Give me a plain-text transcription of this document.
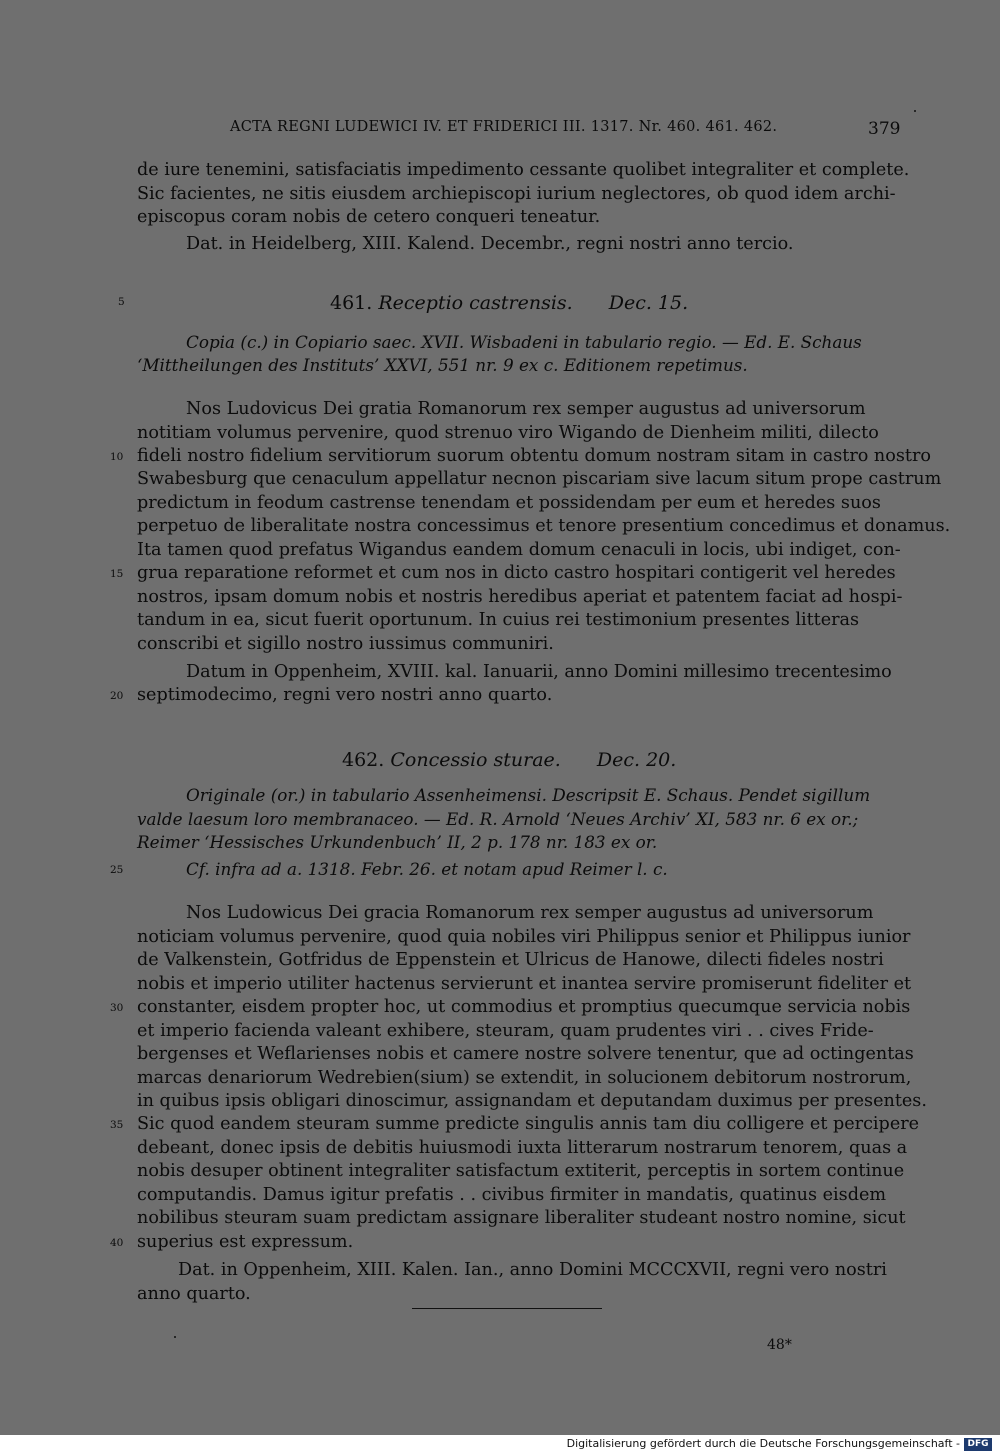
ACTA REGNI LUDEWICI IV. ET FRIDERICI III. 1317. Nr. 460. 461. 462.	379
de iure tenemini, satisfaciatis impedimento cessante quolibet integraliter et complete.
Sic facientes, ne sitis eiusdem archiepiscopi iurium neglectores, ob quod idem archi-
episcopus coram nobis de cetero conqueri teneatur.
Dat. in Heidelberg, XIII. Kalend. Decembr., regni nostri anno tercio.
5	461. Receptio castrensis. Dec. 15.
Copia (c.) in Copiario saec. XVII. Wisbadeni in tabulario regio. — Ed. E. Schaus
‘Mittheilungen des Instituts’ XXVI, 551 nr. 9 ex c. Editionem repetimus.
Nos Ludovicus Dei gratia Romanorum rex semper augustus ad universorum
notitiam volumus pervenire, quod strenuo viro Wigando de Dienheim militi, dilecto
10 fideli nostro fidelium servitiorum suorum obtentu domum nostram sitam in castro nostro
Swabesburg que cenaculum appellatur necnon piscariam sive lacum situm prope castrum
predictum in feodum castrense tenendam et possidendam per eum et heredes suos
perpetuo de liberalitate nostra concessimus et tenore presentium concedimus et donamus.
Ita tamen quod prefatus Wigandus eandem domum cenaculi in locis, ubi indiget, con-
15 grua reparatione reformet et cum nos in dicto castro hospitari contigerit vel heredes
nostros, ipsam domum nobis et nostris heredibus aperiat et patentem faciat ad hospi-
tandum in ea, sicut fuerit oportunum. In cuius rei testimonium presentes litteras
conscribi et sigillo nostro iussimus communiri.
Datum in Oppenheim, XVIII. kal. Ianuarii, anno Domini millesimo trecentesimo
20 septimodecimo, regni vero nostri anno quarto.
462. Concessio sturae. Dec. 20.
Originale (or.) in tabulario Assenheimensi. Descripsit E. Schaus. Pendet sigillum
valde laesum loro membranaceo. — Ed. R. Arnold ‘Neues Archiv’ XI, 583 nr. 6 ex or.;
Reimer ‘Hessisches Urkundenbuch’ II, 2 p. 178 nr. 183 ex or.
25	Cf. infra ad a. 1318. Febr. 26. et notam apud Reimer l. c.
Nos Ludowicus Dei gracia Romanorum rex semper augustus ad universorum
noticiam volumus pervenire, quod quia nobiles viri Philippus senior et Philippus iunior
de Valkenstein, Gotfridus de Eppenstein et Ulricus de Hanowe, dilecti fideles nostri
nobis et imperio utiliter hactenus servierunt et inantea servire promiserunt fideliter et
30 constanter, eisdem propter hoc, ut commodius et promptius quecumque servicia nobis
et imperio facienda valeant exhibere, steuram, quam prudentes viri . . cives Fride-
bergenses et Weflarienses nobis et camere nostre solvere tenentur, que ad octingentas
marcas denariorum Wedrebien(sium) se extendit, in solucionem debitorum nostrorum,
in quibus ipsis obligari dinoscimur, assignandam et deputandam duximus per presentes.
35 Sic quod eandem steuram summe predicte singulis annis tam diu colligere et percipere
debeant, donec ipsis de debitis huiusmodi iuxta litterarum nostrarum tenorem, quas a
nobis desuper obtinent integraliter satisfactum extiterit, perceptis in sortem continue
computandis. Damus igitur prefatis . . civibus firmiter in mandatis, quatinus eisdem
nobilibus steuram suam predictam assignare liberaliter studeant nostro nomine, sicut
40 superius est expressum.
Dat. in Oppenheim, XIII. Kalen. Ian., anno Domini MCCCXVII, regni vero nostri
anno quarto.
48*
Digitalisierung gefördert durch die Deutsche Forschungsgemeinschaft - DFG
